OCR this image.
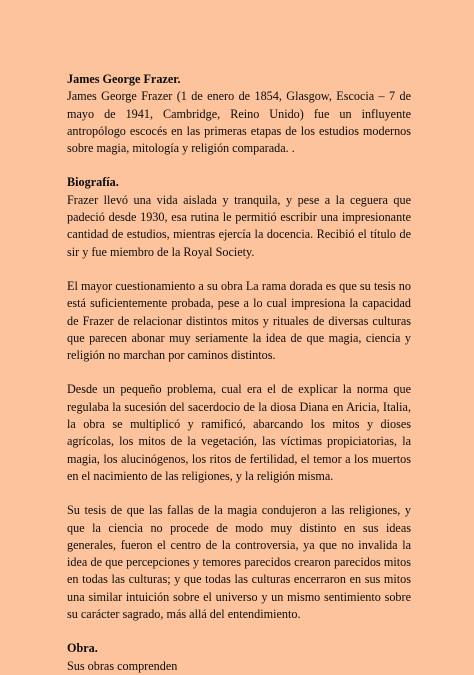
James George Frazer.

James George Frazer (1 de enero de 1854, Glasgow, Escocia – 7 de mayo de 1941, Cambridge, Reino Unido) fue un influyente antropólogo escocés en las primeras etapas de los estudios modernos sobre magia, mitología y religión comparada. .

Biografía.

Frazer llevó una vida aislada y tranquila, y pese a la ceguera que padeció desde 1930, esa rutina le permitió escribir una impresionante cantidad de estudios, mientras ejercía la docencia. Recibió el título de sir y fue miembro de la Royal Society.

El mayor cuestionamiento a su obra La rama dorada es que su tesis no está suficientemente probada, pese a lo cual impresiona la capacidad de Frazer de relacionar distintos mitos y rituales de diversas culturas que parecen abonar muy seriamente la idea de que magia, ciencia y religión no marchan por caminos distintos.

Desde un pequeño problema, cual era el de explicar la norma que regulaba la sucesión del sacerdocio de la diosa Diana en Aricia, Italia, la obra se multiplicó y ramificó, abarcando los mitos y dioses agrícolas, los mitos de la vegetación, las víctimas propiciatorias, la magia, los alucinógenos, los ritos de fertilidad, el temor a los muertos en el nacimiento de las religiones, y la religión misma.

Su tesis de que las fallas de la magia condujeron a las religiones, y que la ciencia no procede de modo muy distinto en sus ideas generales, fueron el centro de la controversia, ya que no invalida la idea de que percepciones y temores parecidos crearon parecidos mitos en todas las culturas; y que todas las culturas encerraron en sus mitos una similar intuición sobre el universo y un mismo sentimiento sobre su carácter sagrado, más allá del entendimiento.

Obra.

Sus obras comprenden
